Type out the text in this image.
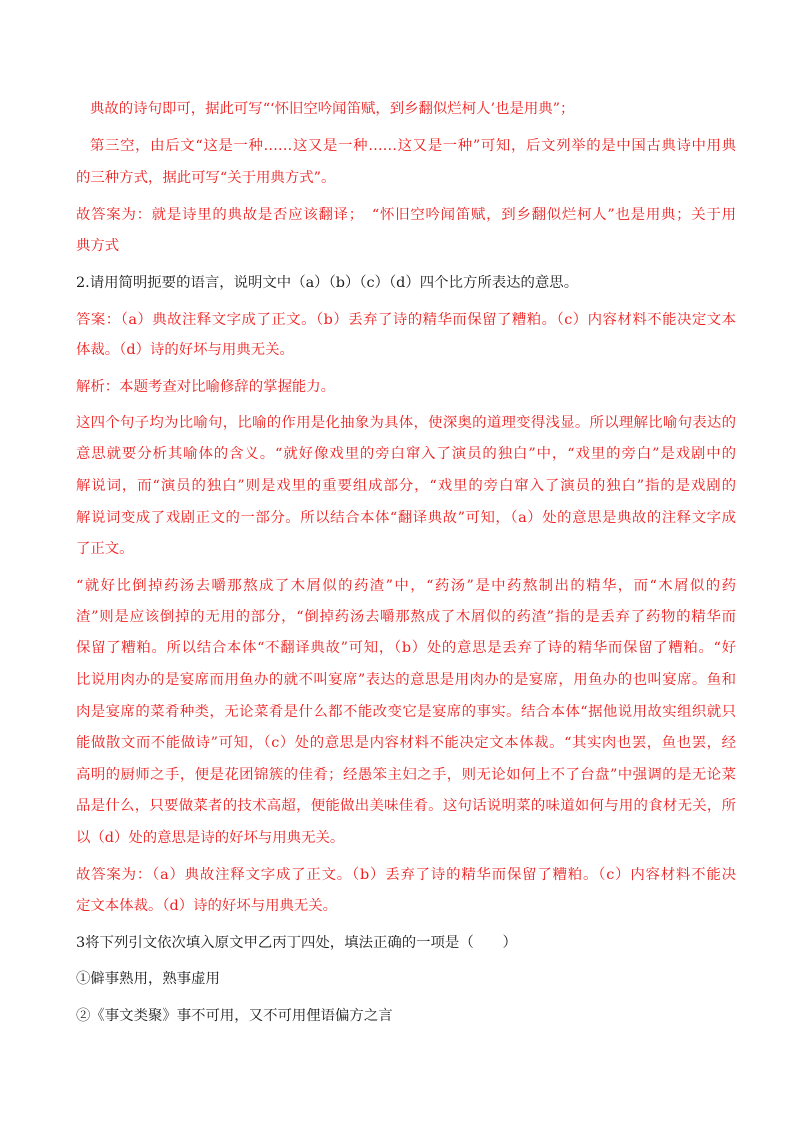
典故的诗句即可，据此可写“‘怀旧空吟闻笛赋，到乡翻似烂柯人’也是用典”；
第三空，由后文“这是一种……这又是一种……这又是一种”可知，后文列举的是中国古典诗中用典
的三种方式，据此可写“关于用典方式”。
故答案为：就是诗里的典故是否应该翻译；　“怀旧空吟闻笛赋，到乡翻似烂柯人”也是用典；关于用
典方式
2.请用简明扼要的语言，说明文中（a）（b）（c）（d）四个比方所表达的意思。
答案：（a）典故注释文字成了正文。（b）丢弃了诗的精华而保留了糟粕。（c）内容材料不能决定文本
体裁。（d）诗的好坏与用典无关。
解析：本题考查对比喻修辞的掌握能力。
这四个句子均为比喻句，比喻的作用是化抽象为具体，使深奥的道理变得浅显。所以理解比喻句表达的
意思就要分析其喻体的含义。“就好像戏里的旁白窜入了演员的独白”中，“戏里的旁白”是戏剧中的
解说词，而“演员的独白”则是戏里的重要组成部分，“戏里的旁白窜入了演员的独白”指的是戏剧的
解说词变成了戏剧正文的一部分。所以结合本体“翻译典故”可知，（a）处的意思是典故的注释文字成
了正文。
“就好比倒掉药汤去嚼那熬成了木屑似的药渣”中，“药汤”是中药熬制出的精华，而“木屑似的药
渣”则是应该倒掉的无用的部分，“倒掉药汤去嚼那熬成了木屑似的药渣”指的是丢弃了药物的精华而
保留了糟粕。所以结合本体“不翻译典故”可知，（b）处的意思是丢弃了诗的精华而保留了糟粕。“好
比说用肉办的是宴席而用鱼办的就不叫宴席”表达的意思是用肉办的是宴席，用鱼办的也叫宴席。鱼和
肉是宴席的菜肴种类，无论菜肴是什么都不能改变它是宴席的事实。结合本体“据他说用故实组织就只
能做散文而不能做诗”可知，（c）处的意思是内容材料不能决定文本体裁。“其实肉也罢，鱼也罢，经
高明的厨师之手，便是花团锦簇的佳肴；经愚笨主妇之手，则无论如何上不了台盘”中强调的是无论菜
品是什么，只要做菜者的技术高超，便能做出美味佳肴。这句话说明菜的味道如何与用的食材无关，所
以（d）处的意思是诗的好坏与用典无关。
故答案为：（a）典故注释文字成了正文。（b）丢弃了诗的精华而保留了糟粕。（c）内容材料不能决
定文本体裁。（d）诗的好坏与用典无关。
3将下列引文依次填入原文甲乙丙丁四处，填法正确的一项是（　　）
①僻事熟用，熟事虚用
②《事文类聚》事不可用，又不可用俚语偏方之言
